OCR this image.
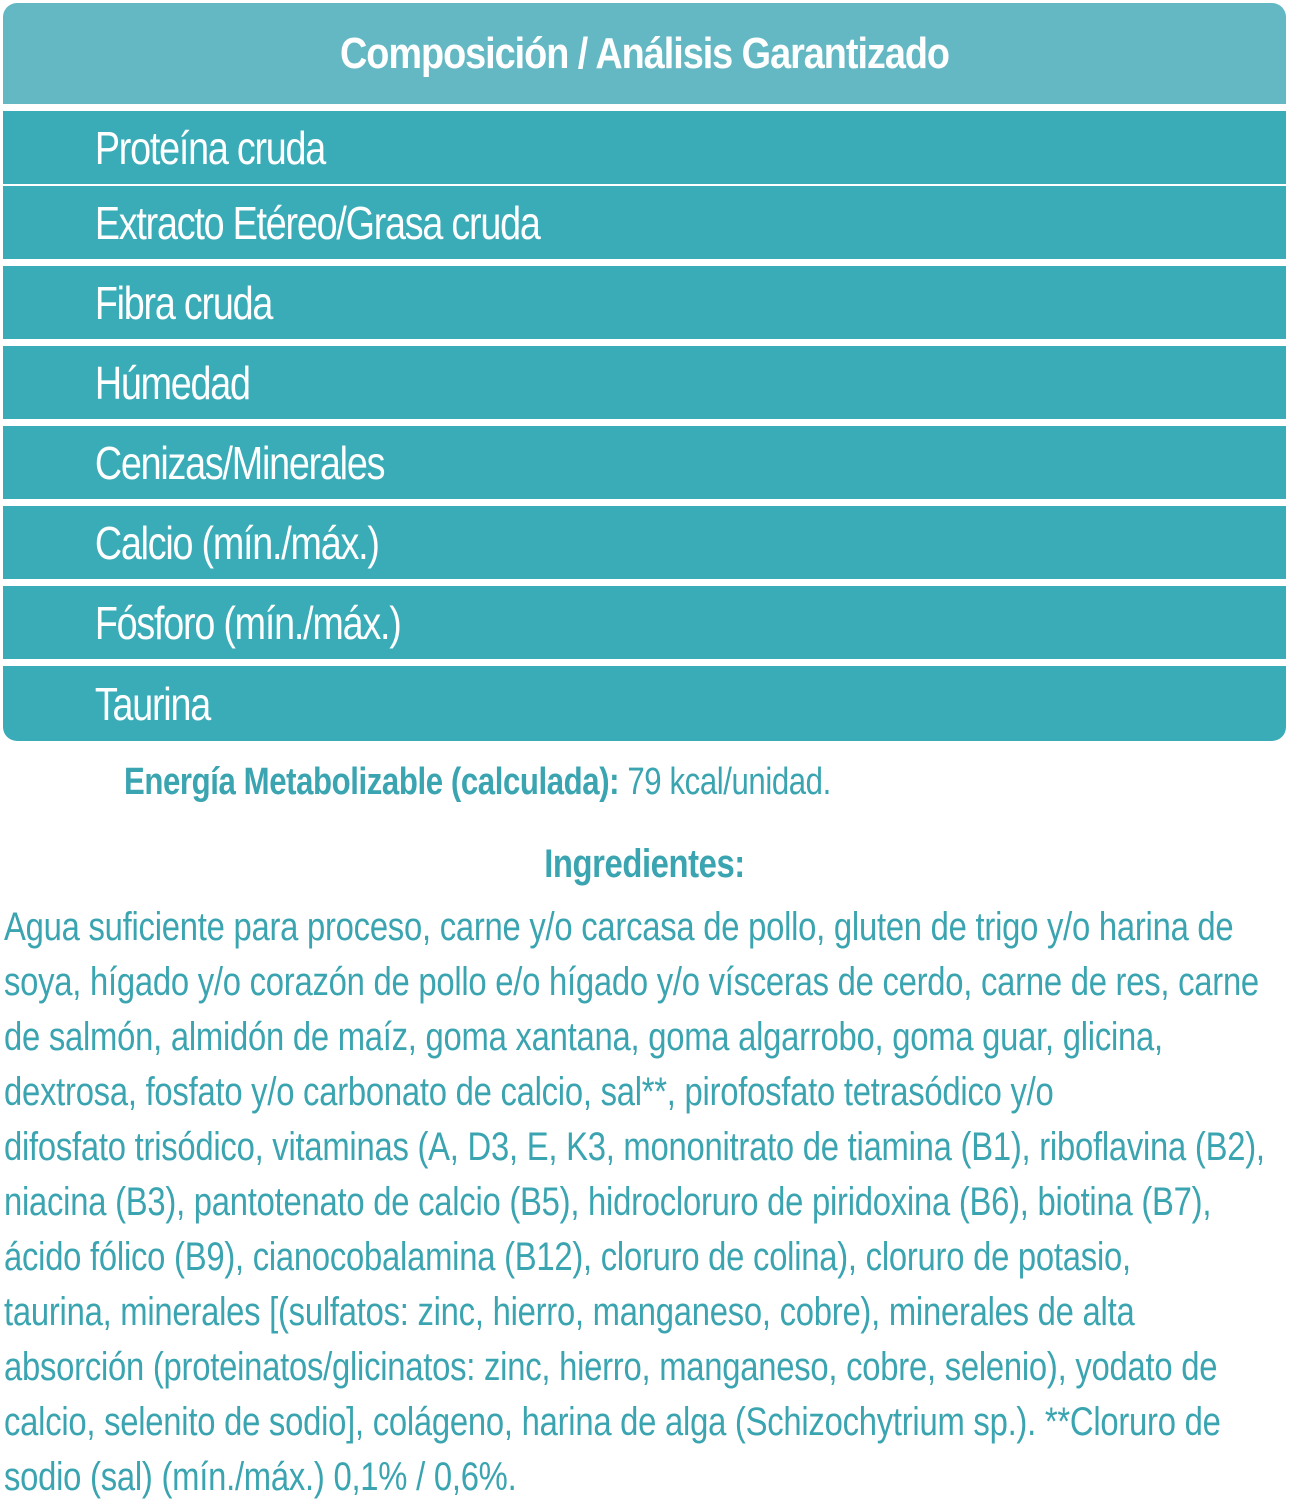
Composición / Análisis Garantizado
Proteína cruda
Extracto Etéreo/Grasa cruda
Fibra cruda
Húmedad
Cenizas/Minerales
Calcio (mín./máx.)
Fósforo (mín./máx.)
Taurina
Energía Metabolizable (calculada): 79 kcal/unidad.
Ingredientes:
Agua suficiente para proceso, carne y/o carcasa de pollo, gluten de trigo y/o harina de
soya, hígado y/o corazón de pollo e/o hígado y/o vísceras de cerdo, carne de res, carne
de salmón, almidón de maíz, goma xantana, goma algarrobo, goma guar, glicina,
dextrosa, fosfato y/o carbonato de calcio, sal**, pirofosfato tetrasódico y/o
difosfato trisódico, vitaminas (A, D3, E, K3, mononitrato de tiamina (B1), riboflavina (B2),
niacina (B3), pantotenato de calcio (B5), hidrocloruro de piridoxina (B6), biotina (B7),
ácido fólico (B9), cianocobalamina (B12), cloruro de colina), cloruro de potasio,
taurina, minerales [(sulfatos: zinc, hierro, manganeso, cobre), minerales de alta
absorción (proteinatos/glicinatos: zinc, hierro, manganeso, cobre, selenio), yodato de
calcio, selenito de sodio], colágeno, harina de alga (Schizochytrium sp.). **Cloruro de
sodio (sal) (mín./máx.) 0,1% / 0,6%.
